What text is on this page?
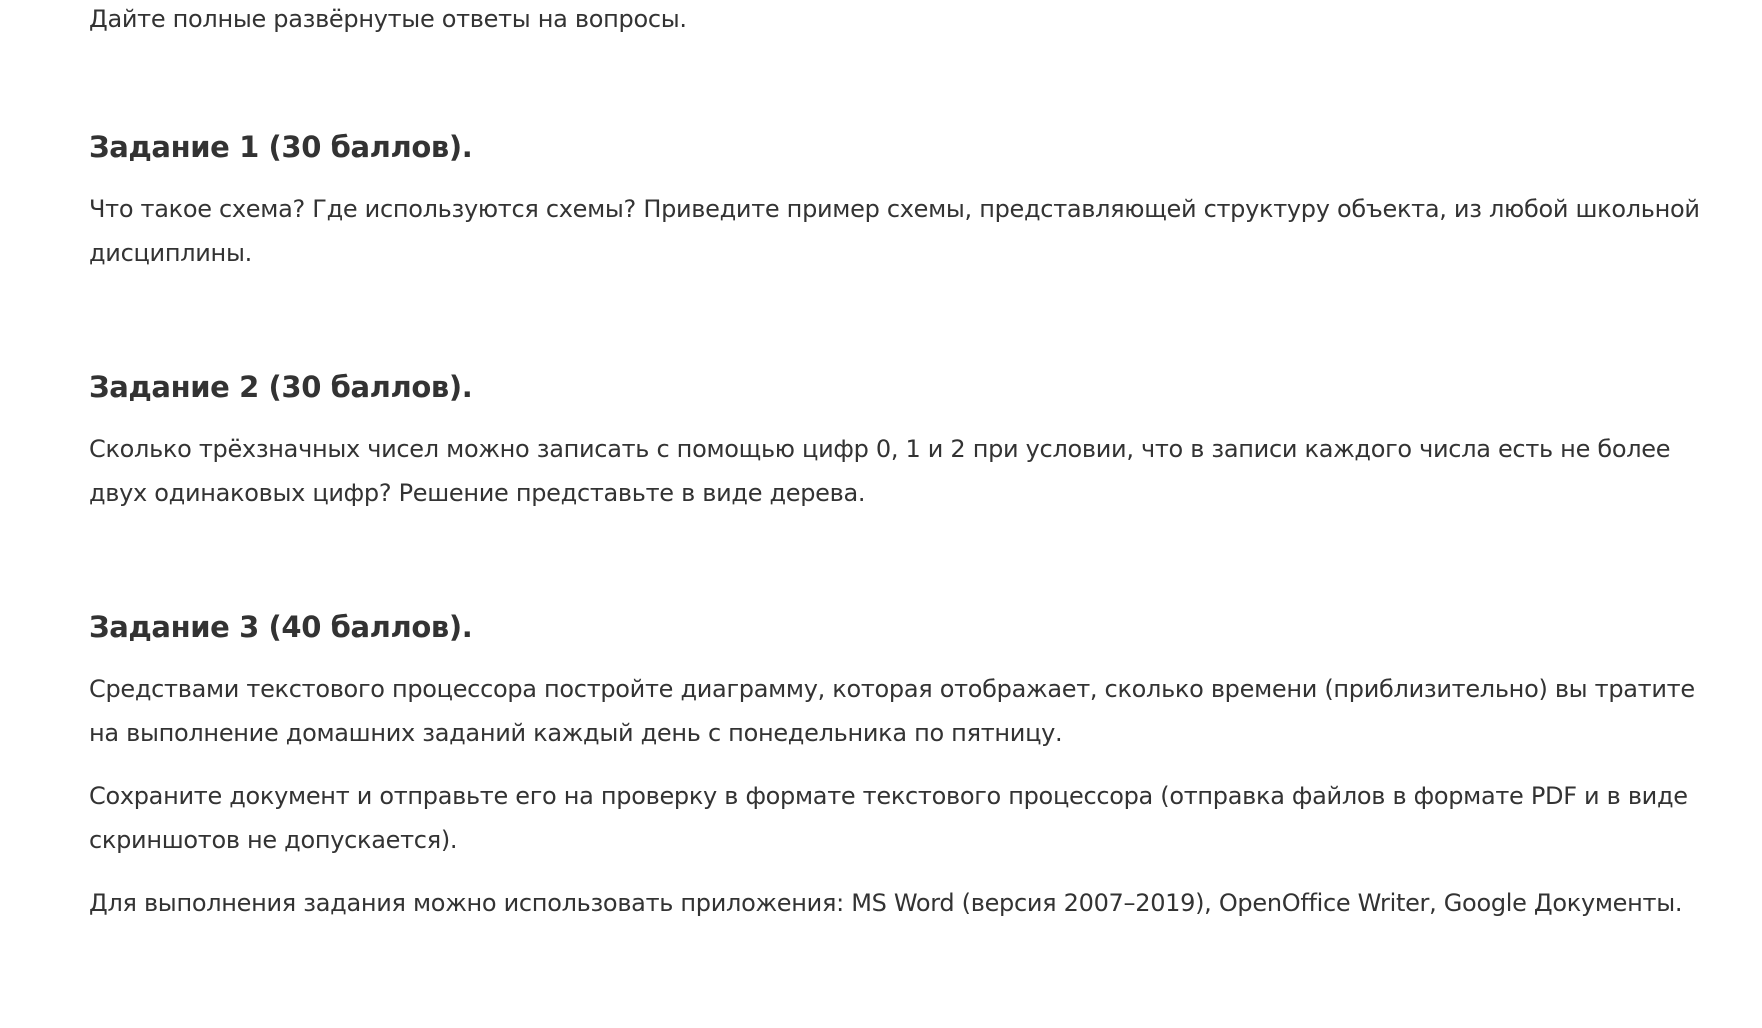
Дайте полные развёрнутые ответы на вопросы.

Задание 1 (30 баллов).

Что такое схема? Где используются схемы? Приведите пример схемы, представляющей структуру объекта, из любой школьной дисциплины.

Задание 2 (30 баллов).

Сколько трёхзначных чисел можно записать с помощью цифр 0, 1 и 2 при условии, что в записи каждого числа есть не более двух одинаковых цифр? Решение представьте в виде дерева.

Задание 3 (40 баллов).

Средствами текстового процессора постройте диаграмму, которая отображает, сколько времени (приблизительно) вы тратите на выполнение домашних заданий каждый день с понедельника по пятницу.

Сохраните документ и отправьте его на проверку в формате текстового процессора (отправка файлов в формате PDF и в виде скриншотов не допускается).

Для выполнения задания можно использовать приложения: MS Word (версия 2007–2019), OpenOffice Writer, Google Документы.
